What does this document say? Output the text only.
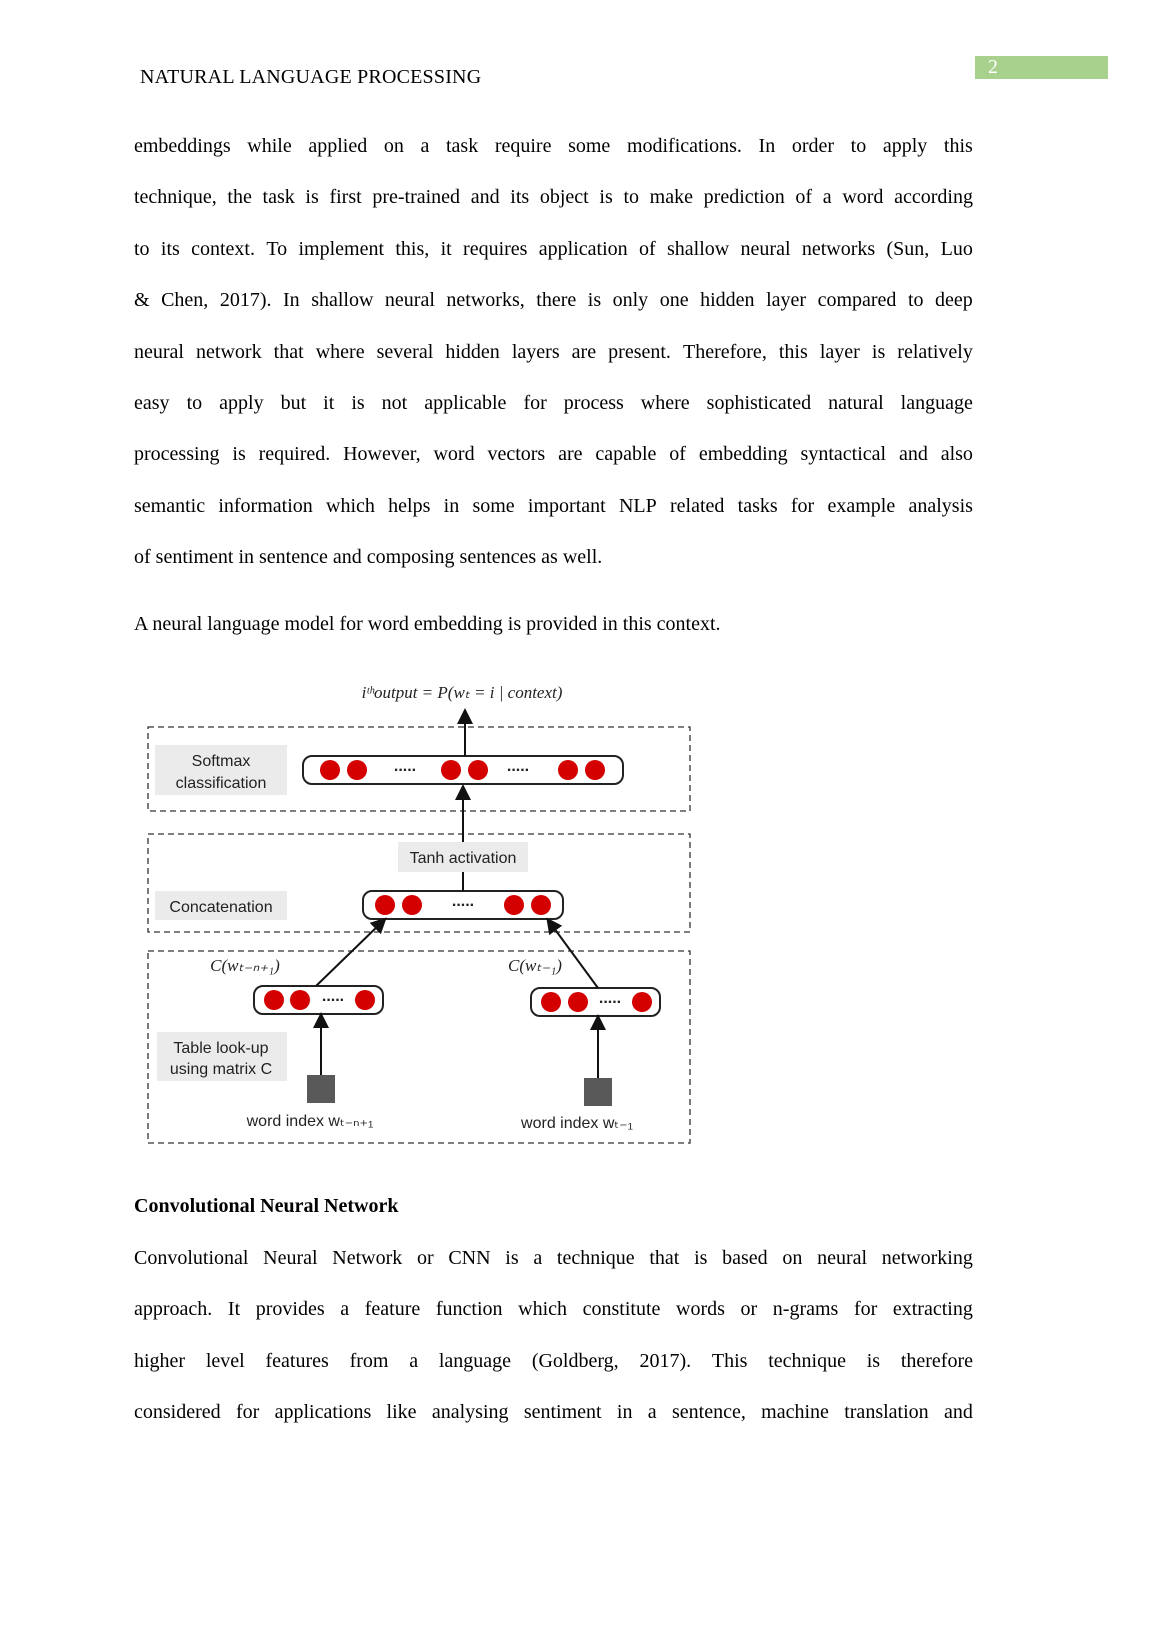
NATURAL LANGUAGE PROCESSING	2
embeddings while applied on a task require some modifications. In order to apply this
technique, the task is first pre-trained and its object is to make prediction of a word according
to its context. To implement this, it requires application of shallow neural networks (Sun, Luo
& Chen, 2017). In shallow neural networks, there is only one hidden layer compared to deep
neural network that where several hidden layers are present. Therefore, this layer is relatively
easy to apply but it is not applicable for process where sophisticated natural language
processing is required. However, word vectors are capable of embedding syntactical and also
semantic information which helps in some important NLP related tasks for example analysis
of sentiment in sentence and composing sentences as well.
A neural language model for word embedding is provided in this context.
iᵗʰoutput = P(wₜ = i | context)
Softmax
classification
Tanh activation
Concatenation
Table look-up
using matrix C
.....	.....
.....
.....	.....
C(wₜ₋ₙ₊₁)	C(wₜ₋₁)
word index wₜ₋ₙ₊₁	word index wₜ₋₁
Convolutional Neural Network
Convolutional Neural Network or CNN is a technique that is based on neural networking
approach. It provides a feature function which constitute words or n-grams for extracting
higher level features from a language (Goldberg, 2017). This technique is therefore
considered for applications like analysing sentiment in a sentence, machine translation and
